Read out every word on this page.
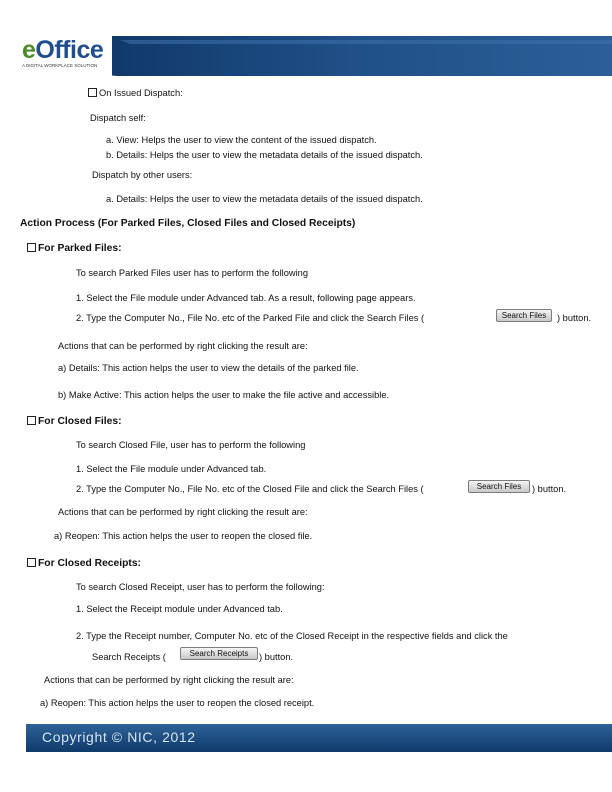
eOffice
A DIGITAL WORKPLACE SOLUTION
On Issued Dispatch:
Dispatch self:
a. View: Helps the user to view the content of the issued dispatch.
b. Details: Helps the user to view the metadata details of the issued dispatch.
Dispatch by other users:
a. Details: Helps the user to view the metadata details of the issued dispatch.
Action Process (For Parked Files, Closed Files and Closed Receipts)
For Parked Files:
To search Parked Files user has to perform the following
1. Select the File module under Advanced tab. As a result, following page appears.
2. Type the Computer No., File No. etc of the Parked File and click the Search Files (	Search Files	) button.
Actions that can be performed by right clicking the result are:
a) Details: This action helps the user to view the details of the parked file.
b) Make Active: This action helps the user to make the file active and accessible.
For Closed Files:
To search Closed File, user has to perform the following
1. Select the File module under Advanced tab.
2. Type the Computer No., File No. etc of the Closed File and click the Search Files (	Search Files	) button.
Actions that can be performed by right clicking the result are:
a) Reopen: This action helps the user to reopen the closed file.
For Closed Receipts:
To search Closed Receipt, user has to perform the following:
1. Select the Receipt module under Advanced tab.
2. Type the Receipt number, Computer No. etc of the Closed Receipt in the respective fields and click the
Search Receipts (	Search Receipts	) button.
Actions that can be performed by right clicking the result are:
a) Reopen: This action helps the user to reopen the closed receipt.
Copyright © NIC, 2012
